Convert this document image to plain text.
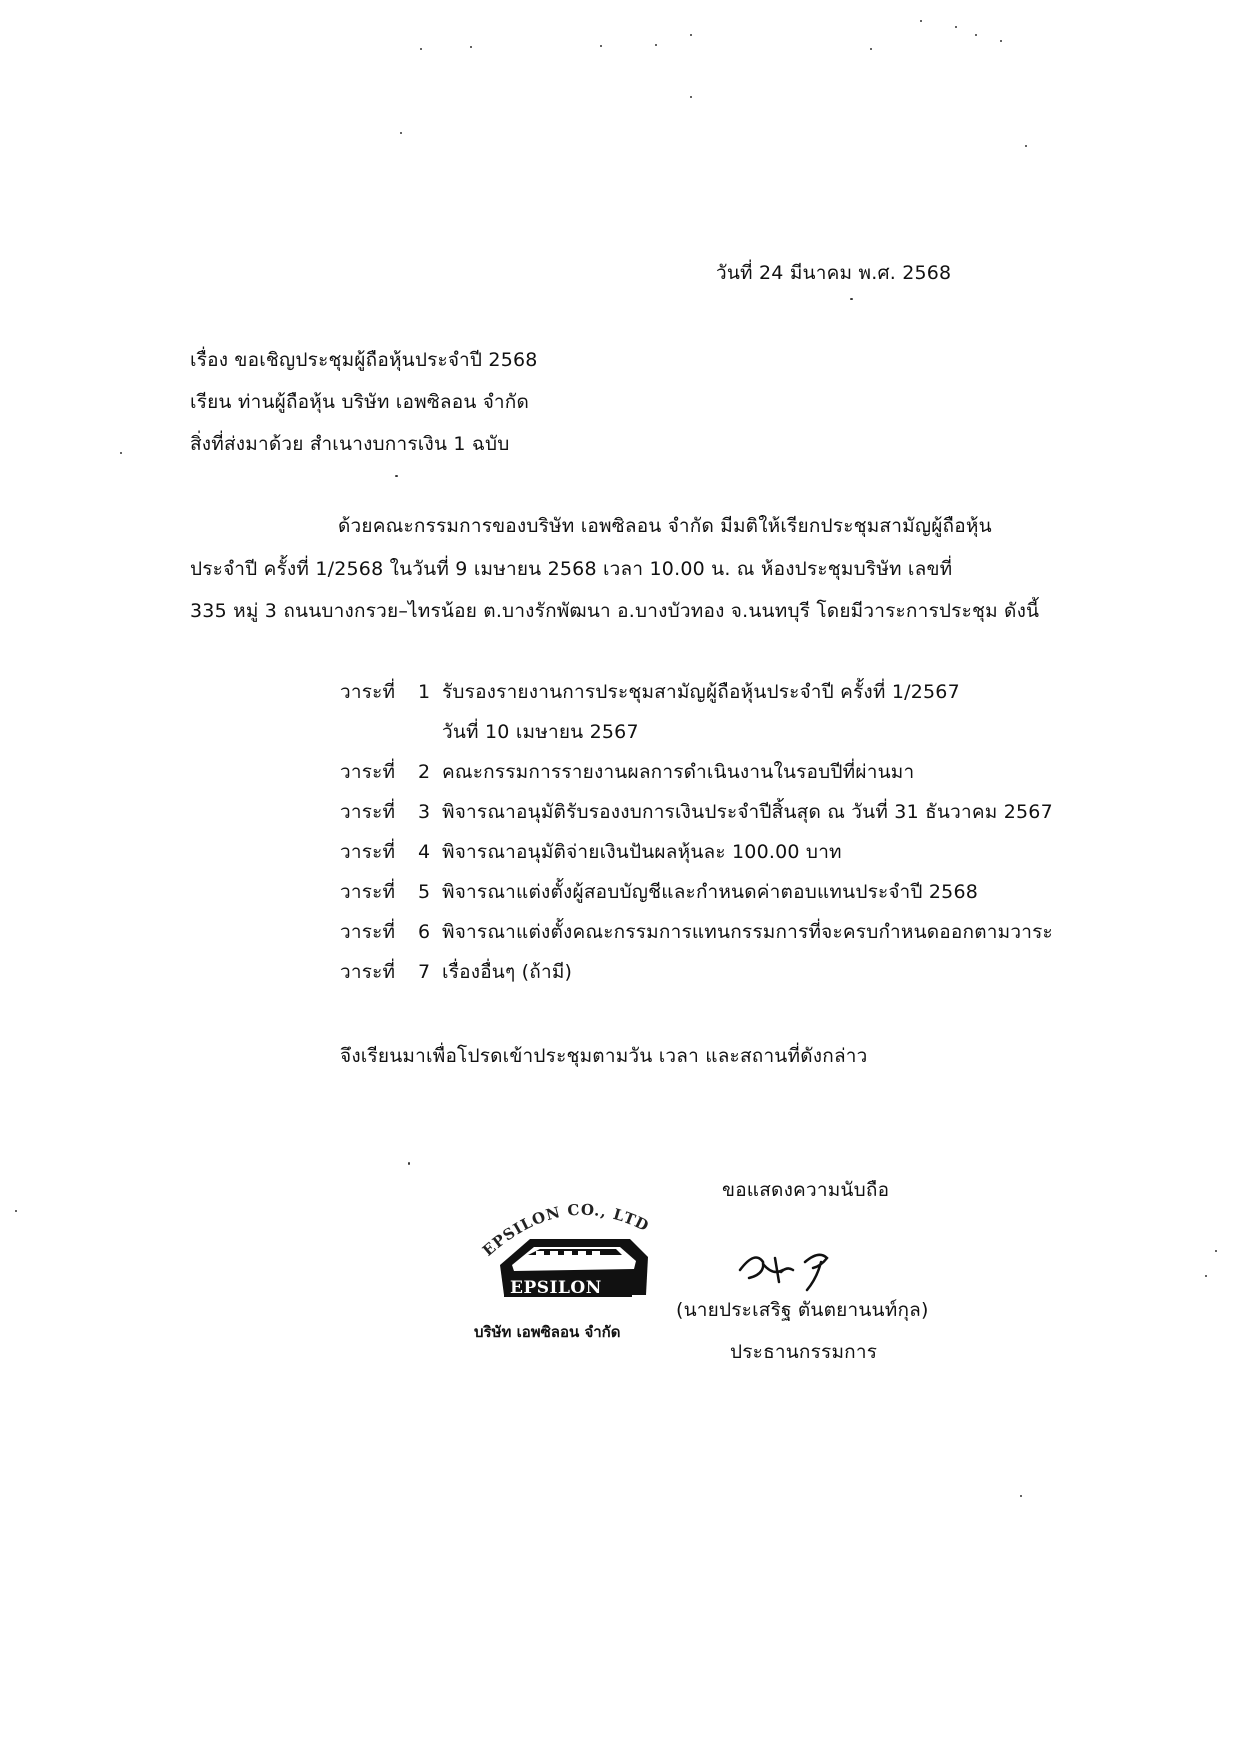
วันที่ 24 มีนาคม พ.ศ. 2568
เรื่อง ขอเชิญประชุมผู้ถือหุ้นประจำปี 2568
เรียน ท่านผู้ถือหุ้น บริษัท เอพซิลอน จำกัด
สิ่งที่ส่งมาด้วย สำเนางบการเงิน 1 ฉบับ
ด้วยคณะกรรมการของบริษัท เอพซิลอน จำกัด มีมติให้เรียกประชุมสามัญผู้ถือหุ้น
ประจำปี ครั้งที่ 1/2568 ในวันที่ 9 เมษายน 2568 เวลา 10.00 น. ณ ห้องประชุมบริษัท เลขที่
335 หมู่ 3 ถนนบางกรวย–ไทรน้อย ต.บางรักพัฒนา อ.บางบัวทอง จ.นนทบุรี โดยมีวาระการประชุม ดังนี้
วาระที่ 1 รับรองรายงานการประชุมสามัญผู้ถือหุ้นประจำปี ครั้งที่ 1/2567
วันที่ 10 เมษายน 2567
วาระที่ 2 คณะกรรมการรายงานผลการดำเนินงานในรอบปีที่ผ่านมา
วาระที่ 3 พิจารณาอนุมัติรับรองงบการเงินประจำปีสิ้นสุด ณ วันที่ 31 ธันวาคม 2567
วาระที่ 4 พิจารณาอนุมัติจ่ายเงินปันผลหุ้นละ 100.00 บาท
วาระที่ 5 พิจารณาแต่งตั้งผู้สอบบัญชีและกำหนดค่าตอบแทนประจำปี 2568
วาระที่ 6 พิจารณาแต่งตั้งคณะกรรมการแทนกรรมการที่จะครบกำหนดออกตามวาระ
วาระที่ 7 เรื่องอื่นๆ (ถ้ามี)
จึงเรียนมาเพื่อโปรดเข้าประชุมตามวัน เวลา และสถานที่ดังกล่าว
ขอแสดงความนับถือ
EPSILON CO., LTD
EPSILON
บริษัท เอพซิลอน จำกัด
(นายประเสริฐ ตันตยานนท์กุล)
ประธานกรรมการ
